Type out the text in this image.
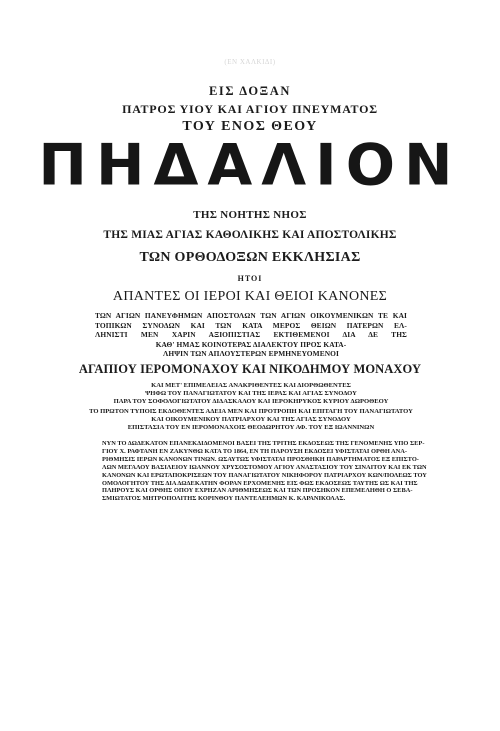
(ΕΝ ΧΑΛΚΙΔΙ)
ΕΙΣ ΔΟΞΑΝ
ΠΑΤΡΟΣ ΥΙΟΥ ΚΑΙ ΑΓΙΟΥ ΠΝΕΥΜΑΤΟΣ
ΤΟΥ ΕΝΟΣ ΘΕΟΥ
ΠΗΔΑΛΙΟΝ
ΤΗΣ ΝΟΗΤΗΣ ΝΗΟΣ
ΤΗΣ ΜΙΑΣ ΑΓΙΑΣ ΚΑΘΟΛΙΚΗΣ ΚΑΙ ΑΠΟΣΤΟΛΙΚΗΣ
ΤΩΝ ΟΡΘΟΔΟΞΩΝ ΕΚΚΛΗΣΙΑΣ
ΗΤΟΙ
ΑΠΑΝΤΕΣ ΟΙ ΙΕΡΟΙ ΚΑΙ ΘΕΙΟΙ ΚΑΝΟΝΕΣ
ΤΩΝ ΑΓΙΩΝ ΠΑΝΕΥΦΗΜΩΝ ΑΠΟΣΤΟΛΩΝ ΤΩΝ ΑΓΙΩΝ ΟΙΚΟΥΜΕΝΙΚΩΝ ΤΕ ΚΑΙ
ΤΟΠΙΚΩΝ ΣΥΝΟΔΩΝ ΚΑΙ ΤΩΝ ΚΑΤΑ ΜΕΡΟΣ ΘΕΙΩΝ ΠΑΤΕΡΩΝ ΕΛ-
ΛΗΝΙΣΤΙ ΜΕΝ ΧΑΡΙΝ ΑΞΙΟΠΙΣΤΙΑΣ ΕΚΤΙΘΕΜΕΝΟΙ ΔΙΑ ΔΕ ΤΗΣ
ΚΑΘ' ΗΜΑΣ ΚΟΙΝΟΤΕΡΑΣ ΔΙΑΛΕΚΤΟΥ ΠΡΟΣ ΚΑΤΑ-
ΛΗΨΙΝ ΤΩΝ ΑΠΛΟΥΣΤΕΡΩΝ ΕΡΜΗΝΕΥΟΜΕΝΟΙ
ΑΓΑΠΙΟΥ ΙΕΡΟΜΟΝΑΧΟΥ ΚΑΙ ΝΙΚΟΔΗΜΟΥ ΜΟΝΑΧΟΥ
ΚΑΙ ΜΕΤ' ΕΠΙΜΕΛΕΙΑΣ ΑΝΑΚΡΙΘΕΝΤΕΣ ΚΑΙ ΔΙΟΡΘΩΘΕΝΤΕΣ
ΨΗΦΩ ΤΟΥ ΠΑΝΑΓΙΩΤΑΤΟΥ ΚΑΙ ΤΗΣ ΙΕΡΑΣ ΚΑΙ ΑΓΙΑΣ ΣΥΝΟΔΟΥ
ΠΑΡΑ ΤΟΥ ΣΟΦΟΛΟΓΙΩΤΑΤΟΥ ΔΙΔΑΣΚΑΛΟΥ ΚΑΙ ΙΕΡΟΚΗΡΥΚΟΣ ΚΥΡΙΟΥ ΔΩΡΟΘΕΟΥ
ΤΟ ΠΡΩΤΟΝ ΤΥΠΟΙΣ ΕΚΔΟΘΕΝΤΕΣ ΑΔΕΙΑ ΜΕΝ ΚΑΙ ΠΡΟΤΡΟΠΗ ΚΑΙ ΕΠΙΤΑΓΗ ΤΟΥ ΠΑΝΑΓΙΩΤΑΤΟΥ
ΚΑΙ ΟΙΚΟΥΜΕΝΙΚΟΥ ΠΑΤΡΙΑΡΧΟΥ ΚΑΙ ΤΗΣ ΑΓΙΑΣ ΣΥΝΟΔΟΥ
ΕΠΙΣΤΑΣΙΑ ΤΟΥ ΕΝ ΙΕΡΟΜΟΝΑΧΟΙΣ ΘΕΟΔΩΡΗΤΟΥ ΑΦ. ΤΟΥ ΕΞ ΙΩΑΝΝΙΝΩΝ
ΝΥΝ ΤΟ ΔΩΔΕΚΑΤΟΝ ΕΠΑΝΕΚΔΙΔΟΜΕΝΟΙ ΒΑΣΕΙ ΤΗΣ ΤΡΙΤΗΣ ΕΚΔΟΣΕΩΣ ΤΗΣ ΓΕΝΟΜΕΝΗΣ ΥΠΟ ΣΕΡ-
ΓΙΟΥ Χ. ΡΑΦΤΑΝΗ ΕΝ ΖΑΚΥΝΘΩ ΚΑΤΑ ΤΟ 1864, ΕΝ ΤΗ ΠΑΡΟΥΣΗ ΕΚΔΟΣΕΙ ΥΦΙΣΤΑΤΑΙ ΟΡΘΗ ΑΝΑ-
ΡΙΘΜΗΣΙΣ ΙΕΡΩΝ ΚΑΝΟΝΩΝ ΤΙΝΩΝ. ΩΣΑΥΤΩΣ ΥΦΙΣΤΑΤΑΙ ΠΡΟΣΘΗΚΗ ΠΑΡΑΡΤΗΜΑΤΟΣ ΕΞ ΕΠΙΣΤΟ-
ΛΩΝ ΜΕΓΑΛΟΥ ΒΑΣΙΛΕΙΟΥ ΙΩΑΝΝΟΥ ΧΡΥΣΟΣΤΟΜΟΥ ΑΓΙΟΥ ΑΝΑΣΤΑΣΙΟΥ ΤΟΥ ΣΙΝΑΙΤΟΥ ΚΑΙ ΕΚ ΤΩΝ
ΚΑΝΟΝΩΝ ΚΑΙ ΕΡΩΤΑΠΟΚΡΙΣΕΩΝ ΤΟΥ ΠΑΝΑΓΙΩΤΑΤΟΥ ΝΙΚΗΦΟΡΟΥ ΠΑΤΡΙΑΡΧΟΥ ΚΩΝ/ΠΟΛΕΩΣ ΤΟΥ
ΟΜΟΛΟΓΗΤΟΥ ΤΗΣ ΔΙΑ ΔΩΔΕΚΑΤΗΝ ΦΟΡΑΝ ΕΡΧΟΜΕΝΗΣ ΕΙΣ ΦΩΣ ΕΚΔΟΣΕΩΣ ΤΑΥΤΗΣ ΩΣ ΚΑΙ ΤΗΣ
ΠΛΗΡΟΥΣ ΚΑΙ ΟΡΘΗΣ ΟΠΟΥ ΕΧΡΗΖΑΝ ΑΡΙΘΜΗΣΕΩΣ ΚΑΙ ΤΩΝ ΠΡΟΣΗΚΟΝ ΕΠΕΜΕΛΗΘΗ Ο ΣΕΒΑ-
ΣΜΙΩΤΑΤΟΣ ΜΗΤΡΟΠΟΛΙΤΗΣ ΚΟΡΙΝΘΟΥ ΠΑΝΤΕΛΕΗΜΩΝ Κ. ΚΑΡΑΝΙΚΟΛΑΣ.
